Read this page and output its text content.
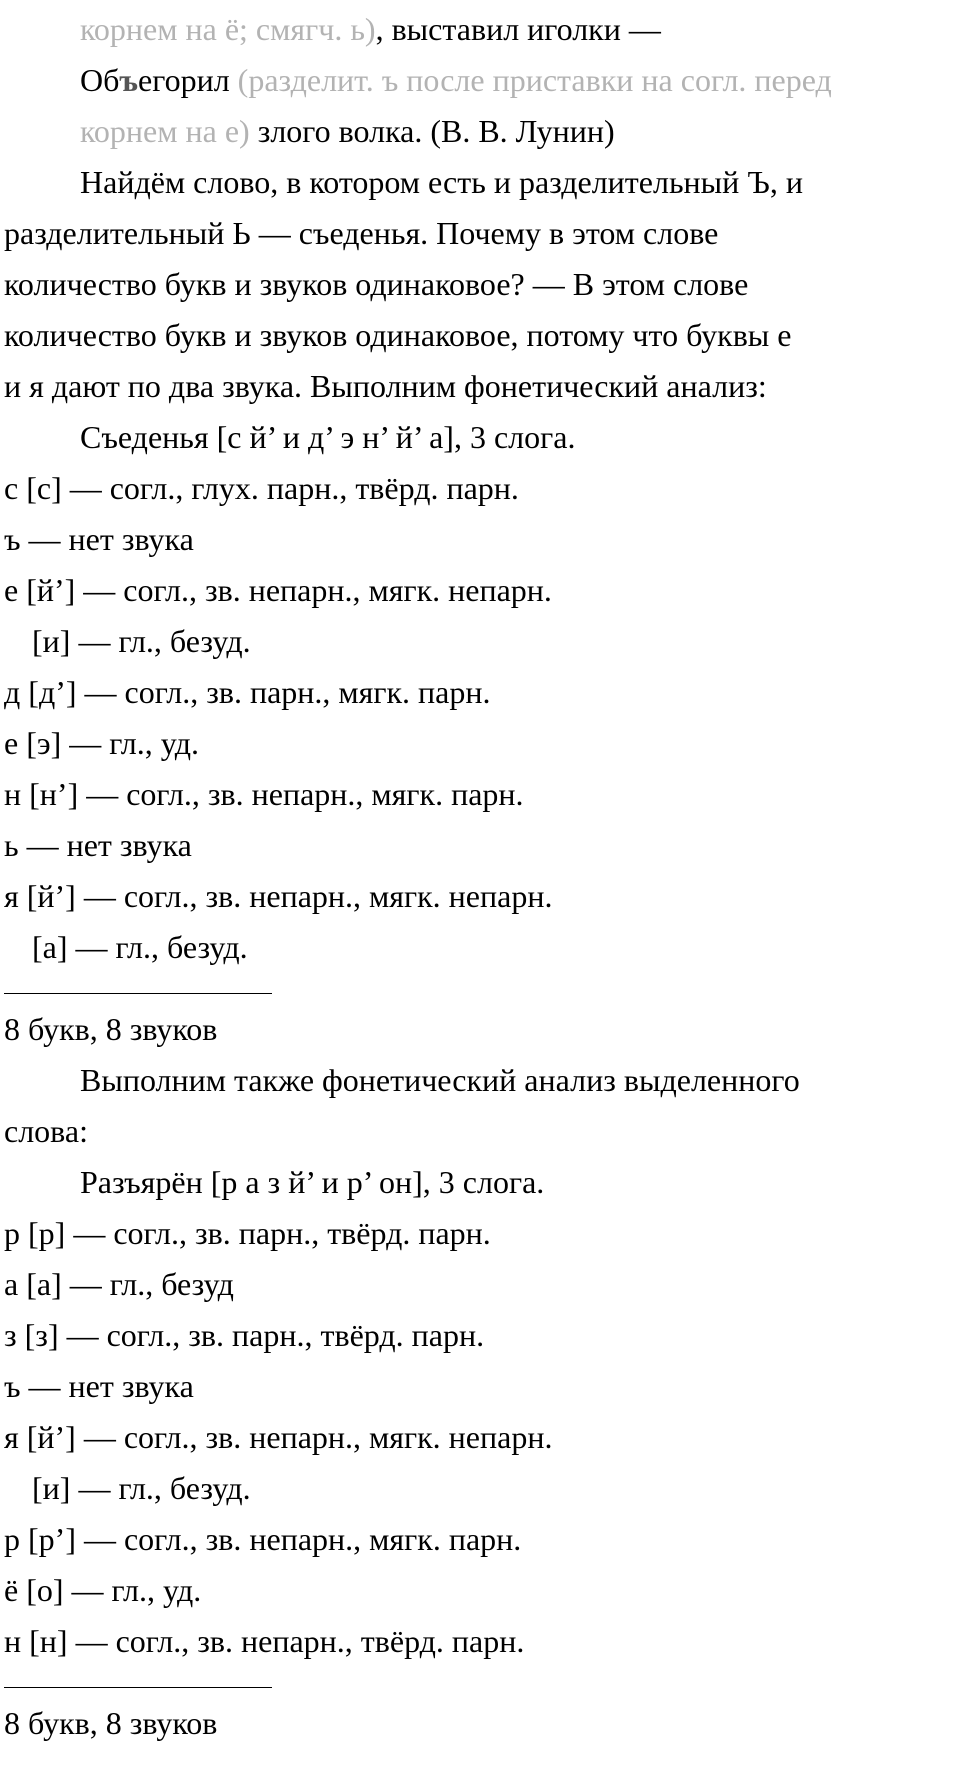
корнем на ё; смягч. ь), выставил иголки —
Объегорил (разделит. ъ после приставки на согл. перед
корнем на е) злого волка. (В. В. Лунин)
Найдём слово, в котором есть и разделительный Ъ, и
разделительный Ь — съеденья. Почему в этом слове
количество букв и звуков одинаковое? — В этом слове
количество букв и звуков одинаковое, потому что буквы е
и я дают по два звука. Выполним фонетический анализ:
Съеденья [с й’ и д’ э н’ й’ а], 3 слога.
с [с] — согл., глух. парн., твёрд. парн.
ъ — нет звука
е [й’] — согл., зв. непарн., мягк. непарн.
[и] — гл., безуд.
д [д’] — согл., зв. парн., мягк. парн.
е [э] — гл., уд.
н [н’] — согл., зв. непарн., мягк. парн.
ь — нет звука
я [й’] — согл., зв. непарн., мягк. непарн.
[а] — гл., безуд.
8 букв, 8 звуков
Выполним также фонетический анализ выделенного
слова:
Разъярён [р а з й’ и р’ он], 3 слога.
р [р] — согл., зв. парн., твёрд. парн.
а [а] — гл., безуд
з [з] — согл., зв. парн., твёрд. парн.
ъ — нет звука
я [й’] — согл., зв. непарн., мягк. непарн.
[и] — гл., безуд.
р [р’] — согл., зв. непарн., мягк. парн.
ё [о] — гл., уд.
н [н] — согл., зв. непарн., твёрд. парн.
8 букв, 8 звуков
